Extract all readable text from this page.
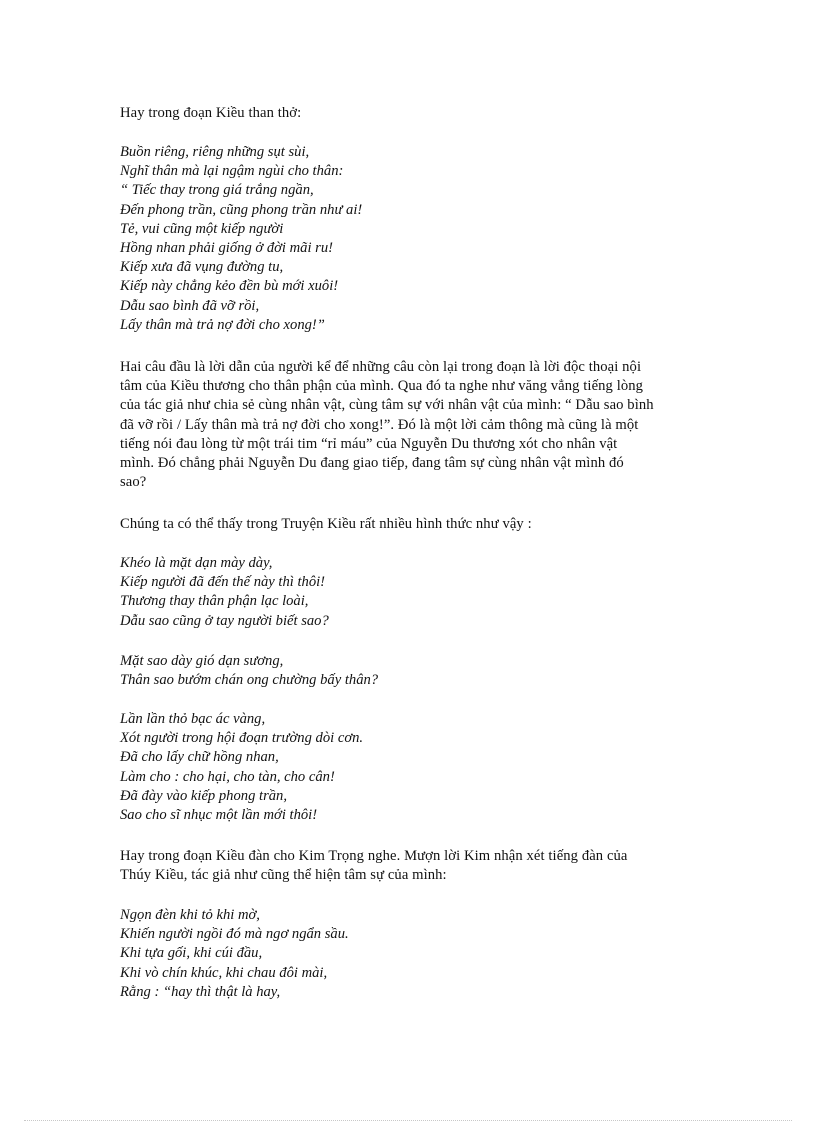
Hay trong đoạn Kiều than thở:
Buồn riêng, riêng những sụt sùi,
Nghĩ thân mà lại ngậm ngùi cho thân:
“ Tiếc thay trong giá trắng ngần,
Đến phong trần, cũng phong trần như ai!
Tẻ, vui cũng một kiếp người
Hồng nhan phải giống ở đời mãi ru!
Kiếp xưa đã vụng đường tu,
Kiếp này chẳng kẻo đền bù mới xuôi!
Dẫu sao bình đã vỡ rồi,
Lấy thân mà trả nợ đời cho xong!”
Hai câu đầu là lời dẫn của người kể để những câu còn lại trong đoạn là lời độc thoại nội
tâm của Kiều thương cho thân phận của mình. Qua đó ta nghe như văng vẳng tiếng lòng
của tác giả như chia sẻ cùng nhân vật, cùng tâm sự với nhân vật của mình: “ Dẫu sao bình
đã vỡ rồi / Lấy thân mà trả nợ đời cho xong!”. Đó là một lời cảm thông mà cũng là một
tiếng nói đau lòng từ một trái tim “rỉ máu” của Nguyễn Du thương xót cho nhân vật
mình. Đó chẳng phải Nguyễn Du đang giao tiếp, đang tâm sự cùng nhân vật mình đó
sao?
Chúng ta có thể thấy trong Truyện Kiều rất nhiều hình thức như vậy :
Khéo là mặt dạn mày dày,
Kiếp người đã đến thế này thì thôi!
Thương thay thân phận lạc loài,
Dẫu sao cũng ở tay người biết sao?
Mặt sao dày gió dạn sương,
Thân sao bướm chán ong chường bấy thân?
Lần lần thỏ bạc ác vàng,
Xót người trong hội đoạn trường dòi cơn.
Đã cho lấy chữ hồng nhan,
Làm cho : cho hại, cho tàn, cho cân!
Đã đày vào kiếp phong trần,
Sao cho sĩ nhục một lần mới thôi!
Hay trong đoạn Kiều đàn cho Kim Trọng nghe. Mượn lời Kim nhận xét tiếng đàn của
Thúy Kiều, tác giả như cũng thể hiện tâm sự của mình:
Ngọn đèn khi tỏ khi mờ,
Khiến người ngồi đó mà ngơ ngẩn sầu.
Khi tựa gối, khi cúi đầu,
Khi vò chín khúc, khi chau đôi mài,
Rằng : “hay thì thật là hay,
